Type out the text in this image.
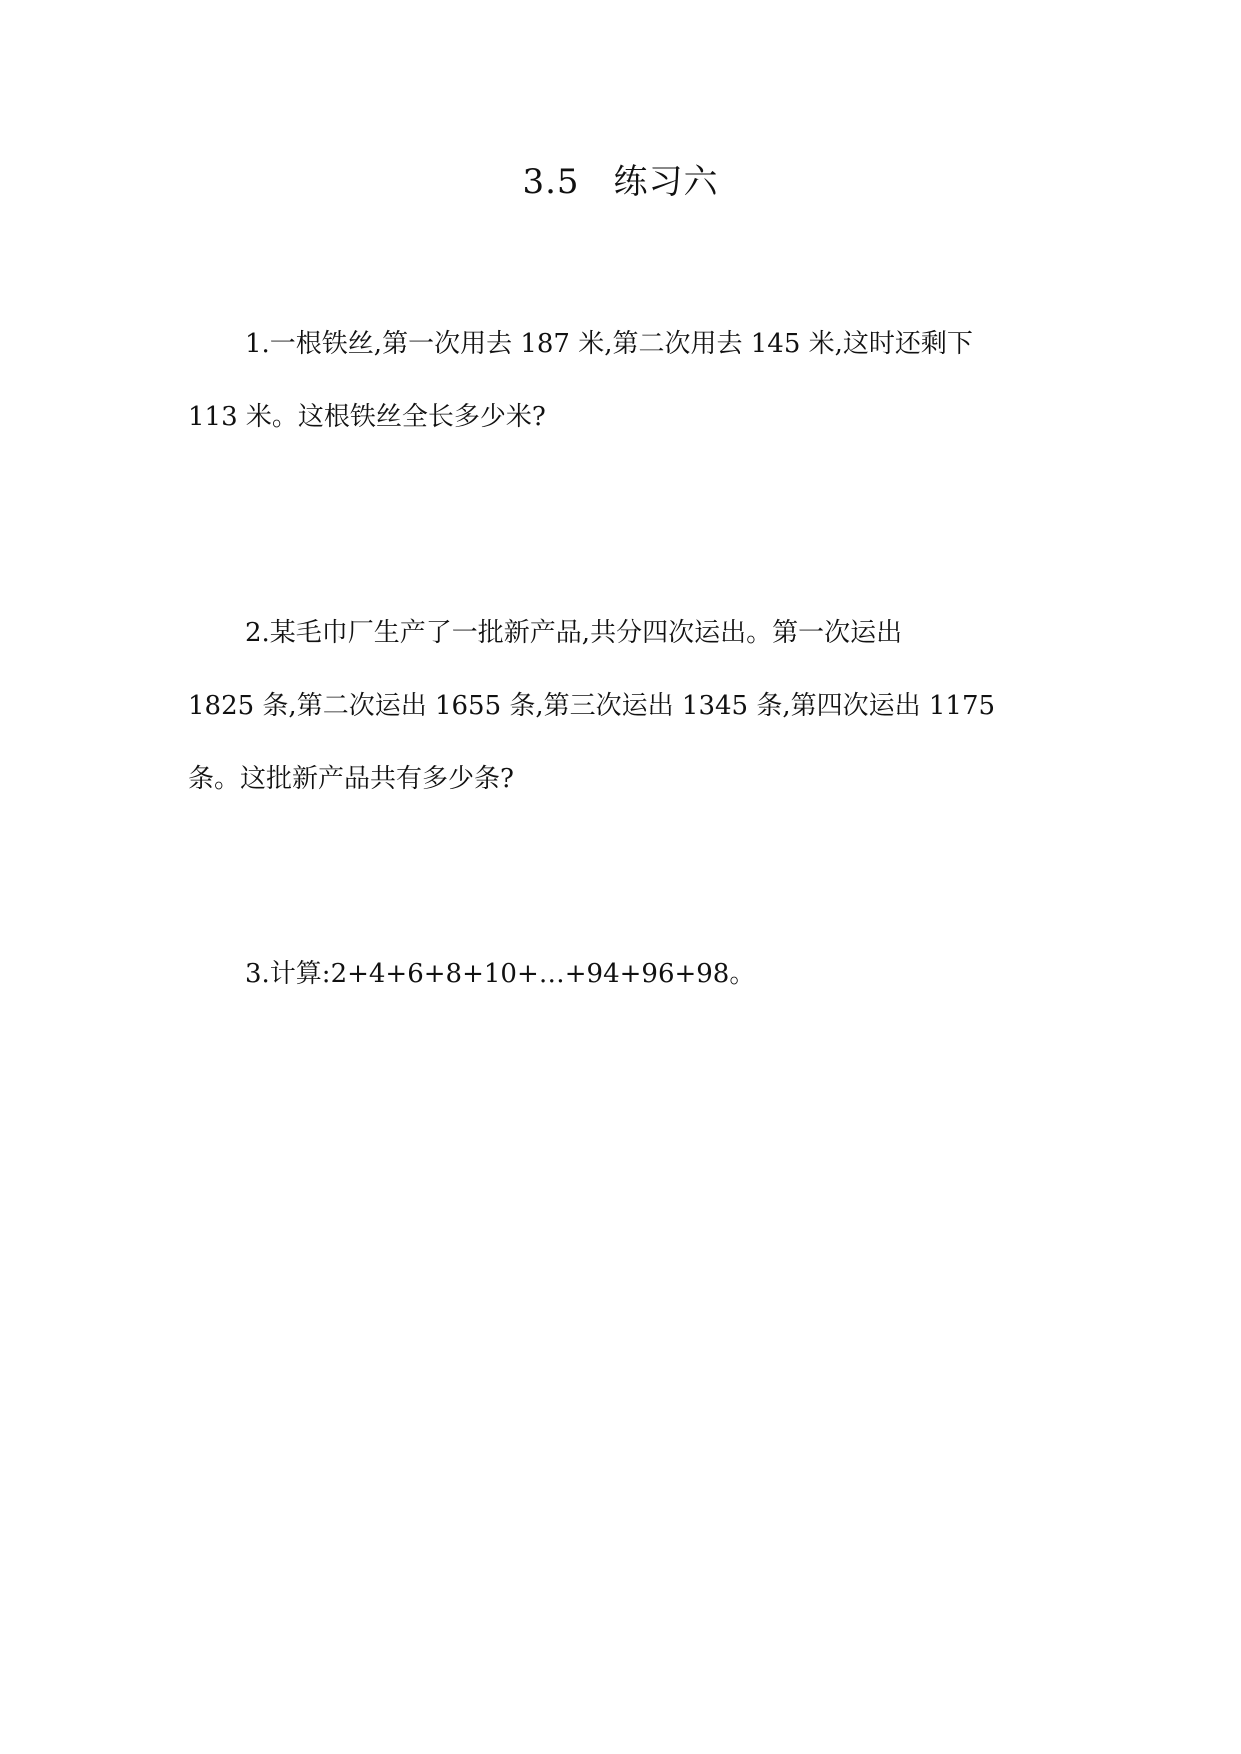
3.5 练习六
1.一根铁丝,第一次用去 187 米,第二次用去 145 米,这时还剩下
113 米。这根铁丝全长多少米?
2.某毛巾厂生产了一批新产品,共分四次运出。第一次运出
1825 条,第二次运出 1655 条,第三次运出 1345 条,第四次运出 1175
条。这批新产品共有多少条?
3.计算:2+4+6+8+10+…+94+96+98。
